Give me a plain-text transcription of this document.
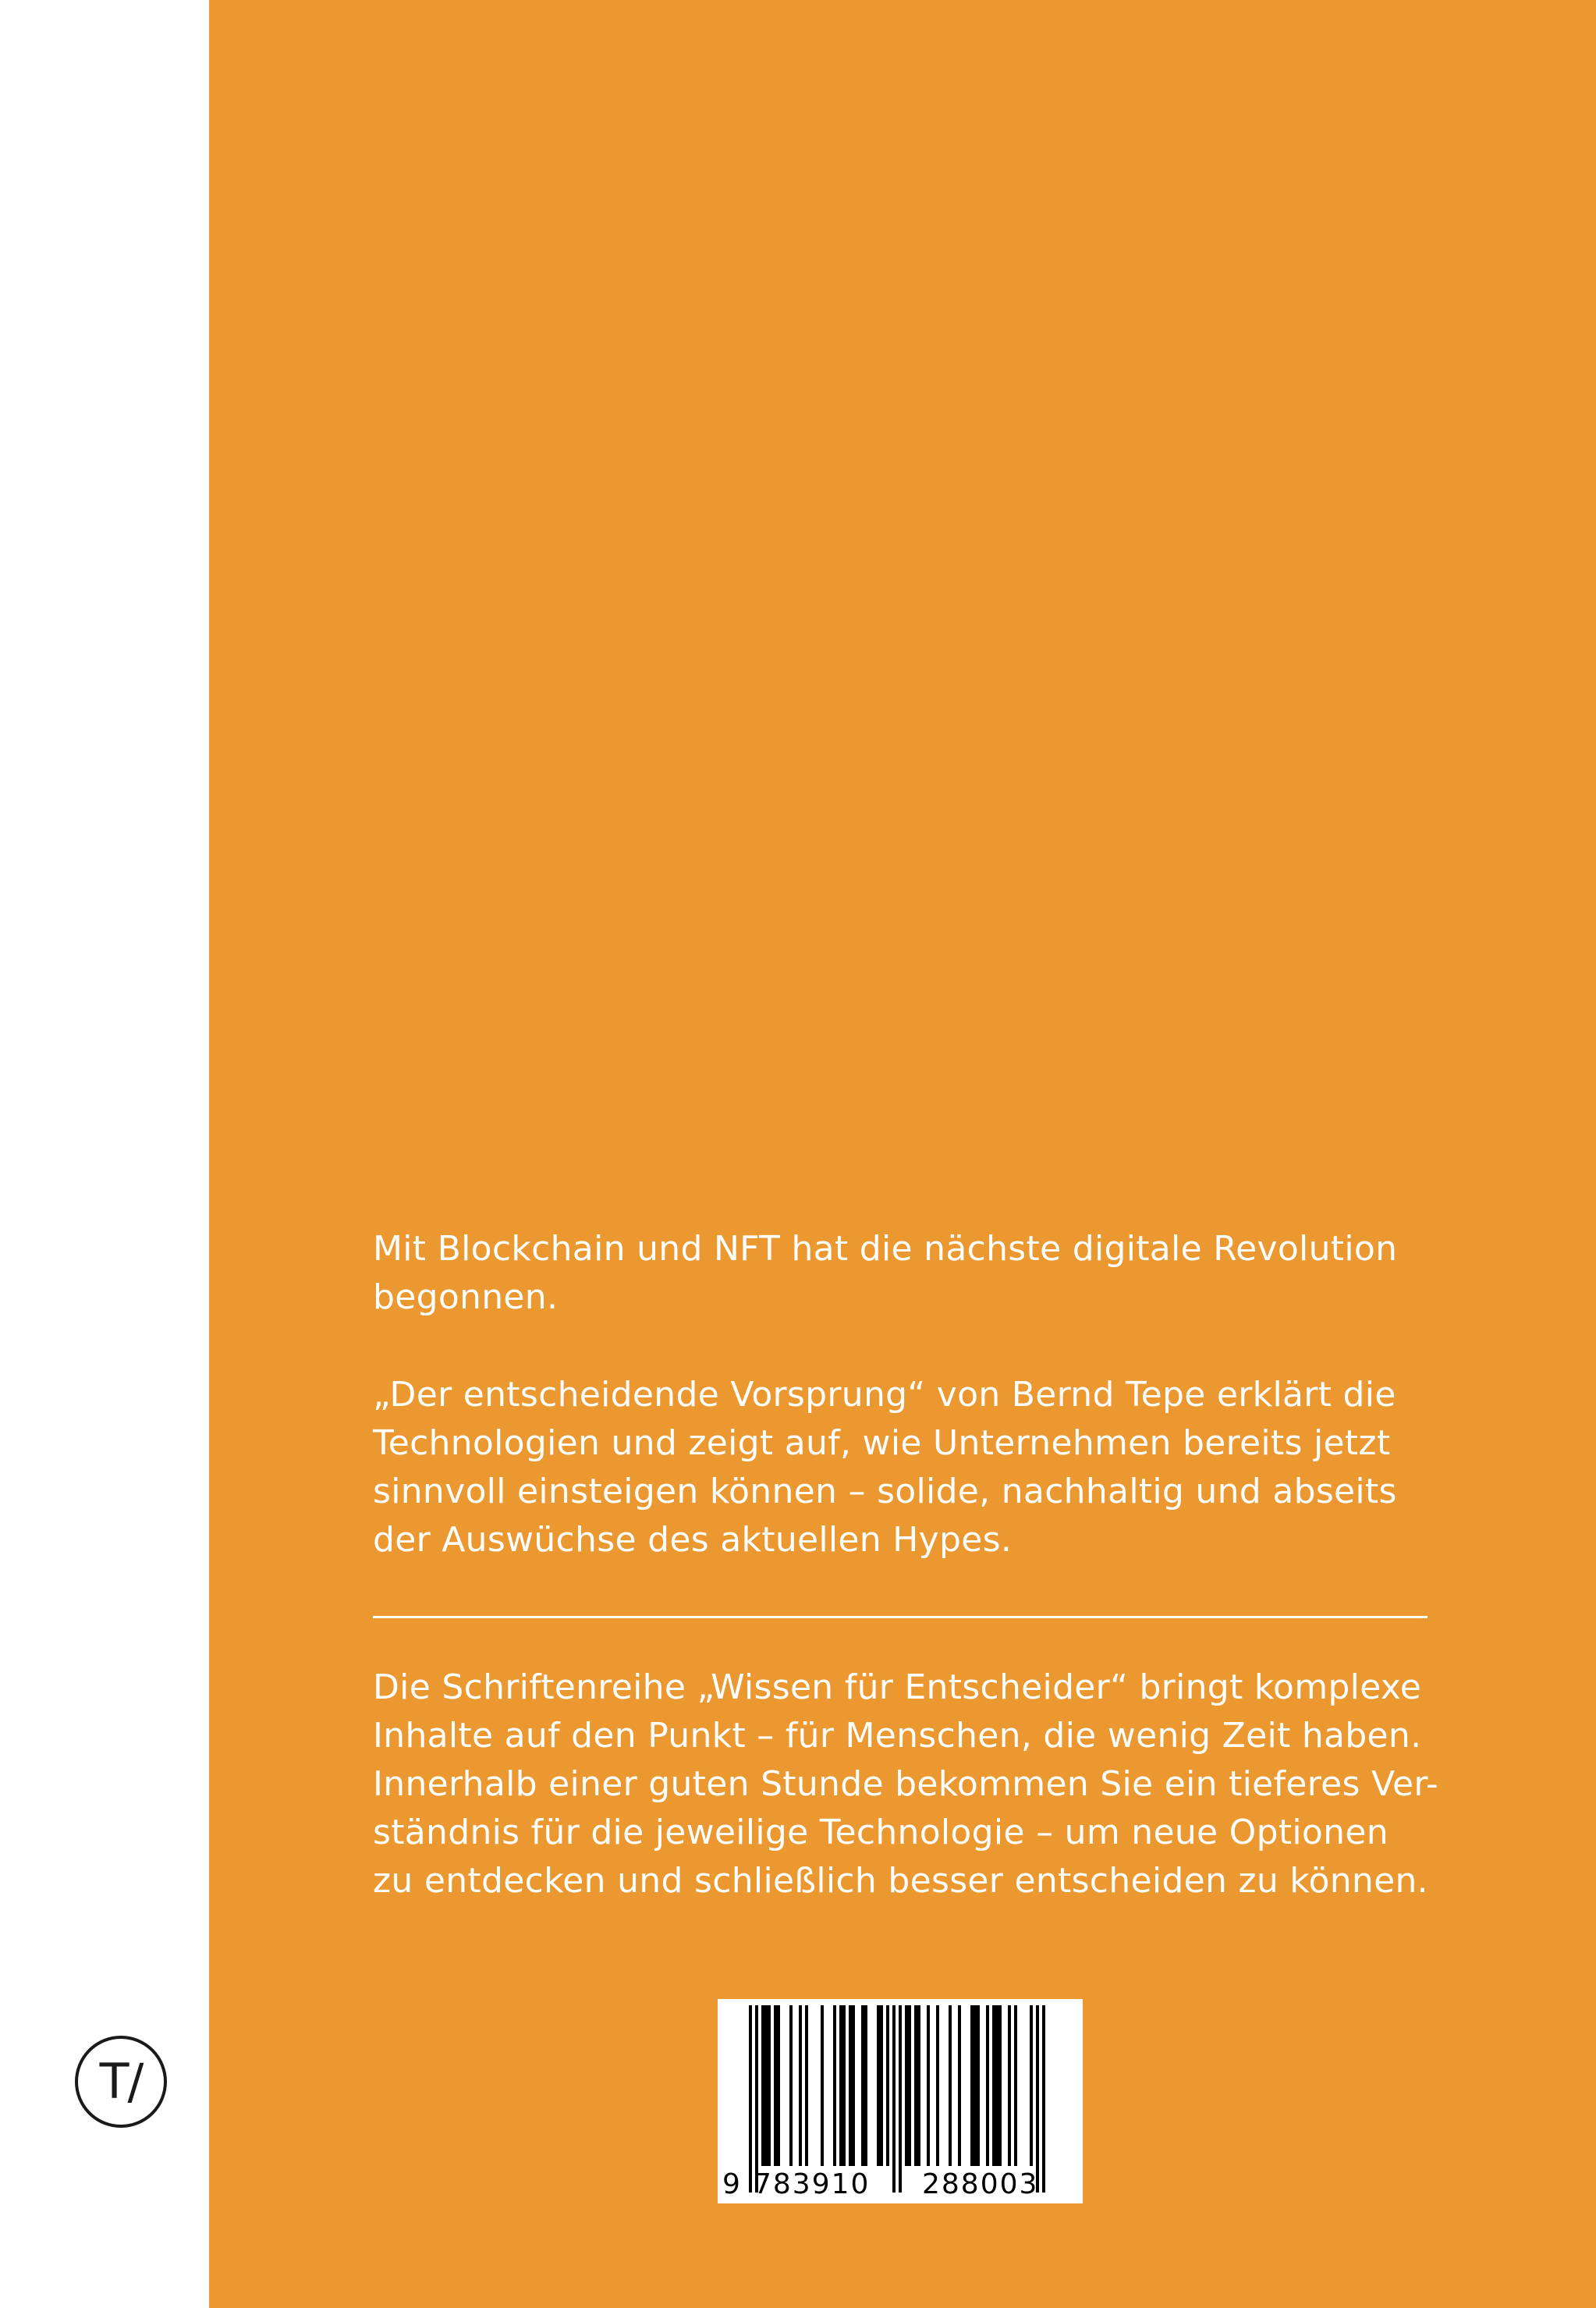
Mit Blockchain und NFT hat die nächste digitale Revolution
begonnen.
„Der entscheidende Vorsprung“ von Bernd Tepe erklärt die
Technologien und zeigt auf, wie Unternehmen bereits jetzt
sinnvoll einsteigen können – solide, nachhaltig und abseits
der Auswüchse des aktuellen Hypes.
Die Schriftenreihe „Wissen für Entscheider“ bringt komplexe
Inhalte auf den Punkt – für Menschen, die wenig Zeit haben.
Innerhalb einer guten Stunde bekommen Sie ein tieferes Ver-
ständnis für die jeweilige Technologie – um neue Optionen
zu entdecken und schließlich besser entscheiden zu können.
T/
9 783910 288003
